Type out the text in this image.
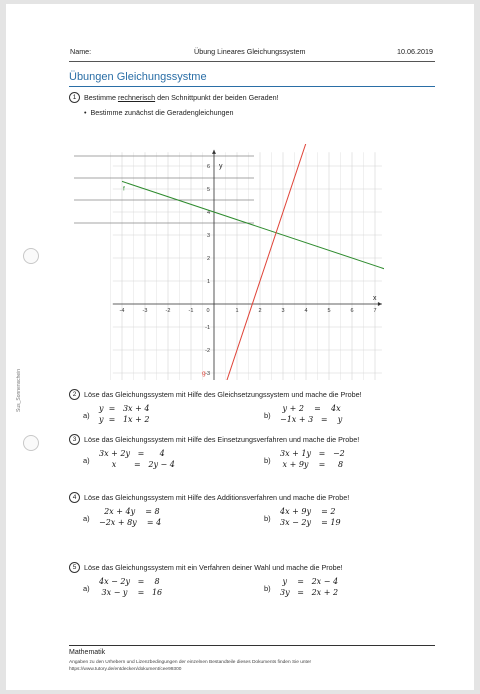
Name:	Übung Lineares Gleichungssystem	10.06.2019
Übungen Gleichungssystme
Sus_Sonnenschein
1	Bestimme rechnerisch den Schnittpunkt der beiden Geraden!
•  Bestimme zunächst die Geradengleichungen
-4	-3	-2	-1 0	1	2	3	4	5	6	7
-3
-2
-1
1
2
3
4
5
6
x
y
f
g
2	Löse das Gleichungssystem mit Hilfe des Gleichsetzungssystem und mache die Probe!
a)
y  =   3x + 4
y  =   1x + 2	b)
y + 2    =    4x
−1x + 3   =    y
3	Löse das Gleichungssystem mit Hilfe des Einsetzungsverfahren und mache die Probe!
a)
3x + 2y   =      4
x       =   2y − 4	b)
3x + 1y   =   −2
x + 9y    =     8
4	Löse das Gleichungssystem mit Hilfe des Additionsverfahren und mache die Probe!
a)
2x + 4y    = 8
−2x + 8y    = 4	b)
4x + 9y    = 2
3x − 2y    = 19
5	Löse das Gleichungssystem mit ein Verfahren deiner Wahl und mache die Probe!
a)
4x − 2y   =    8
3x − y    =   16	b)
y    =   2x − 4
3y   =   2x + 2
Mathematik
Angaben zu den Urhebern und Lizenzbedingungen der einzelnen Bestandteile dieses Dokuments finden Sie unter
https://www.tutory.de/entdecken/dokument/cee99300
